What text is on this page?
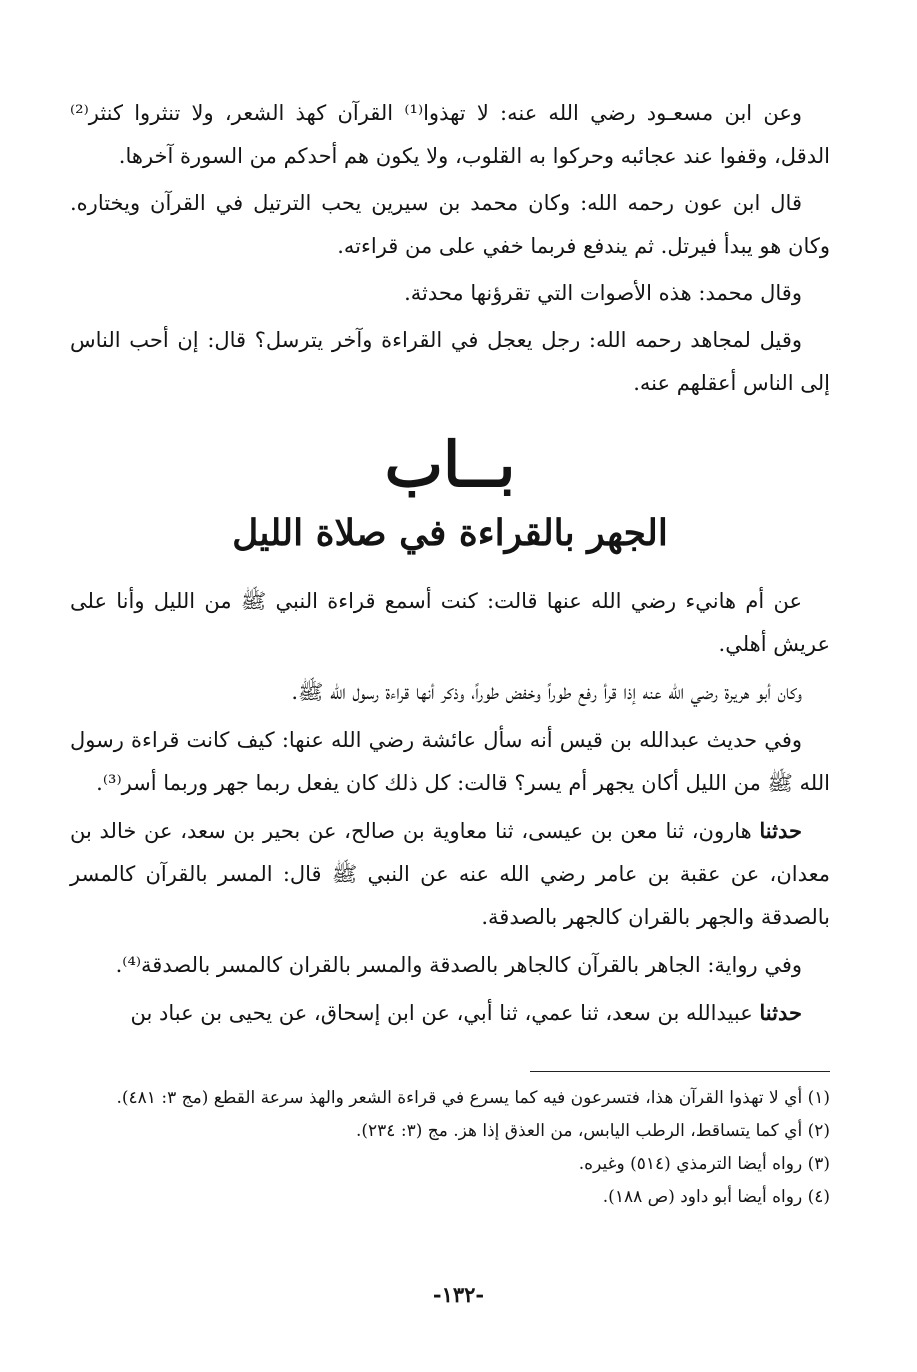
وعن ابن مسعـود رضي الله عنه: لا تهذوا⁽¹⁾ القرآن كهذ الشعر، ولا تنثروا كنثر⁽²⁾ الدقل، وقفوا عند عجائبه وحركوا به القلوب، ولا يكون هم أحدكم من السورة آخرها.

قال ابن عون رحمه الله: وكان محمد بن سيرين يحب الترتيل في القرآن ويختاره. وكان هو يبدأ فيرتل. ثم يندفع فربما خفي على من قراءته.

وقال محمد: هذه الأصوات التي تقرؤنها محدثة.

وقيل لمجاهد رحمه الله: رجل يعجل في القراءة وآخر يترسل؟ قال: إن أحب الناس إلى الناس أعقلهم عنه.

بــاب
الجهر بالقراءة في صلاة الليل

عن أم هانيء رضي الله عنها قالت: كنت أسمع قراءة النبي ﷺ من الليل وأنا على عريش أهلي.

وكان أبو هريرة رضي الله عنه إذا قرأ رفع طوراً وخفض طوراً، وذكر أنها قراءة رسول الله ﷺ.

وفي حديث عبدالله بن قيس أنه سأل عائشة رضي الله عنها: كيف كانت قراءة رسول الله ﷺ من الليل أكان يجهر أم يسر؟ قالت: كل ذلك كان يفعل ربما جهر وربما أسر⁽³⁾.

حدثنا هارون، ثنا معن بن عيسى، ثنا معاوية بن صالح، عن بحير بن سعد، عن خالد بن معدان، عن عقبة بن عامر رضي الله عنه عن النبي ﷺ قال: المسر بالقرآن كالمسر بالصدقة والجهر بالقران كالجهر بالصدقة.

وفي رواية: الجاهر بالقرآن كالجاهر بالصدقة والمسر بالقران كالمسر بالصدقة⁽⁴⁾.

حدثنا عبيدالله بن سعد، ثنا عمي، ثنا أبي، عن ابن إسحاق، عن يحيى بن عباد بن

(١) أي لا تهذوا القرآن هذا، فتسرعون فيه كما يسرع في قراءة الشعر والهذ سرعة القطع (مج ٣: ٤٨١).

(٢) أي كما يتساقط، الرطب اليابس، من العذق إذا هز. مج (٣: ٢٣٤).

(٣) رواه أيضا الترمذي (٥١٤) وغيره.

(٤) رواه أيضا أبو داود (ص ١٨٨).

-١٣٢-
